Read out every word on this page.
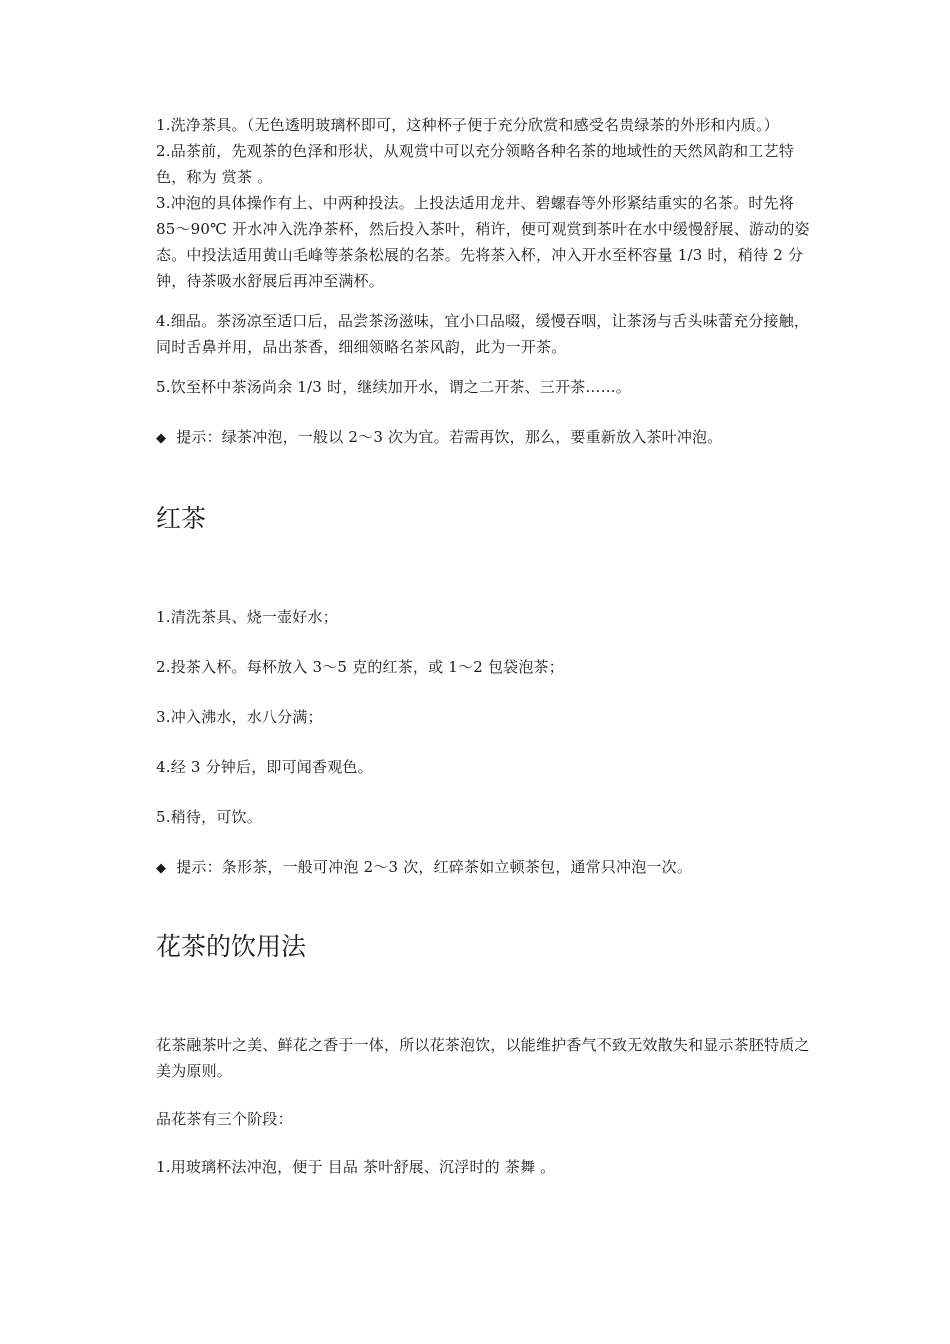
1.洗净茶具。（无色透明玻璃杯即可，这种杯子便于充分欣赏和感受名贵绿茶的外形和内质。）

2.品茶前，先观茶的色泽和形状，从观赏中可以充分领略各种名茶的地域性的天然风韵和工艺特色，称为 赏茶 。

3.冲泡的具体操作有上、中两种投法。上投法适用龙井、碧螺春等外形紧结重实的名茶。时先将 85～90℃ 开水冲入洗净茶杯，然后投入茶叶，稍许，便可观赏到茶叶在水中缓慢舒展、游动的姿态。中投法适用黄山毛峰等茶条松展的名茶。先将茶入杯，冲入开水至杯容量 1/3 时，稍待 2 分钟，待茶吸水舒展后再冲至满杯。

4.细品。茶汤凉至适口后，品尝茶汤滋味，宜小口品啜，缓慢吞咽，让茶汤与舌头味蕾充分接触，同时舌鼻并用，品出茶香，细细领略名茶风韵，此为一开茶。

5.饮至杯中茶汤尚余 1/3 时，继续加开水，谓之二开茶、三开茶……。

◆ 提示：绿茶冲泡，一般以 2～3 次为宜。若需再饮，那么，要重新放入茶叶冲泡。

红茶

1.清洗茶具、烧一壶好水；

2.投茶入杯。每杯放入 3～5 克的红茶，或 1～2 包袋泡茶；

3.冲入沸水，水八分满；

4.经 3 分钟后，即可闻香观色。

5.稍待，可饮。

◆ 提示：条形茶，一般可冲泡 2～3 次，红碎茶如立顿茶包，通常只冲泡一次。

花茶的饮用法

花茶融茶叶之美、鲜花之香于一体，所以花茶泡饮，以能维护香气不致无效散失和显示茶胚特质之美为原则。

品花茶有三个阶段：

1.用玻璃杯法冲泡，便于 目品 茶叶舒展、沉浮时的 茶舞 。
